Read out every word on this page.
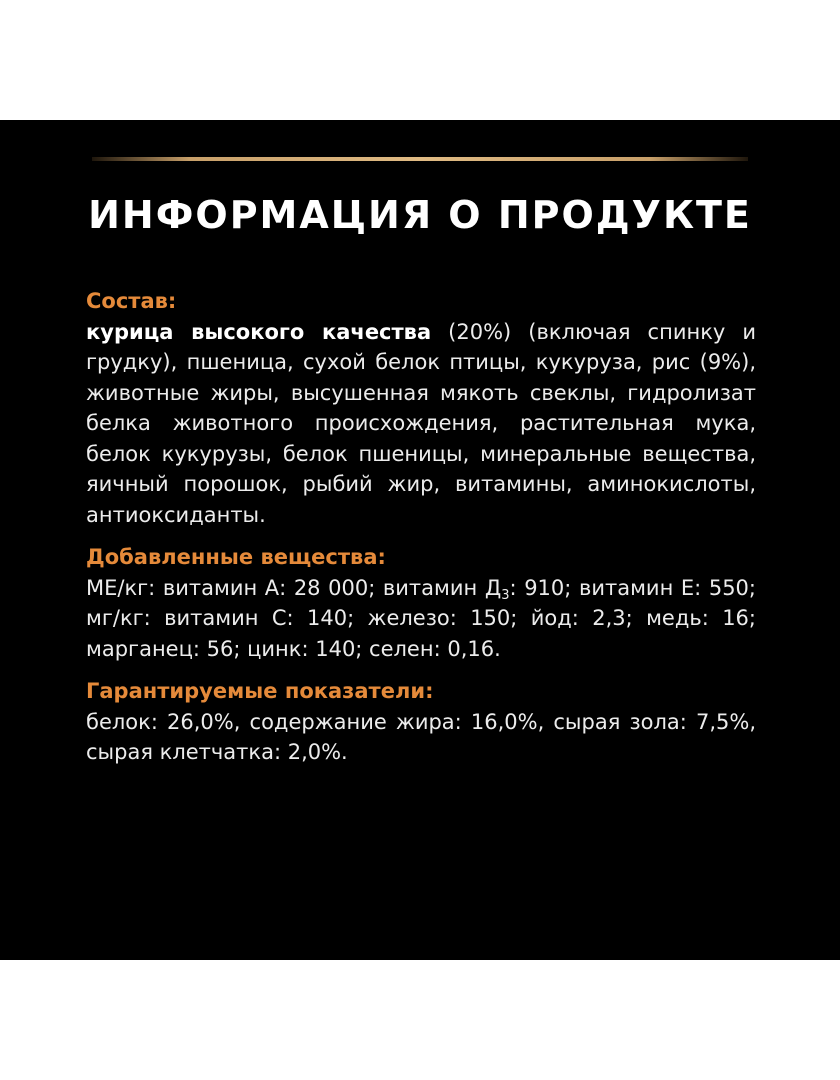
ИНФОРМАЦИЯ О ПРОДУКТЕ

Состав:

курица высокого качества (20%) (включая спинку и грудку), пшеница, сухой белок птицы, кукуруза, рис (9%), животные жиры, высушенная мякоть свеклы, гидролизат белка животного происхождения, растительная мука, белок кукурузы, белок пшеницы, минеральные вещества, яичный порошок, рыбий жир, витамины, аминокислоты, антиоксиданты.

Добавленные вещества:

МЕ/кг: витамин А: 28 000; витамин $Д_3$: 910; витамин Е: 550; мг/кг: витамин С: 140; железо: 150; йод: 2,3; медь: 16; марганец: 56; цинк: 140; селен: 0,16.

Гарантируемые показатели:

белок: 26,0%, содержание жира: 16,0%, сырая зола: 7,5%, сырая клетчатка: 2,0%.
